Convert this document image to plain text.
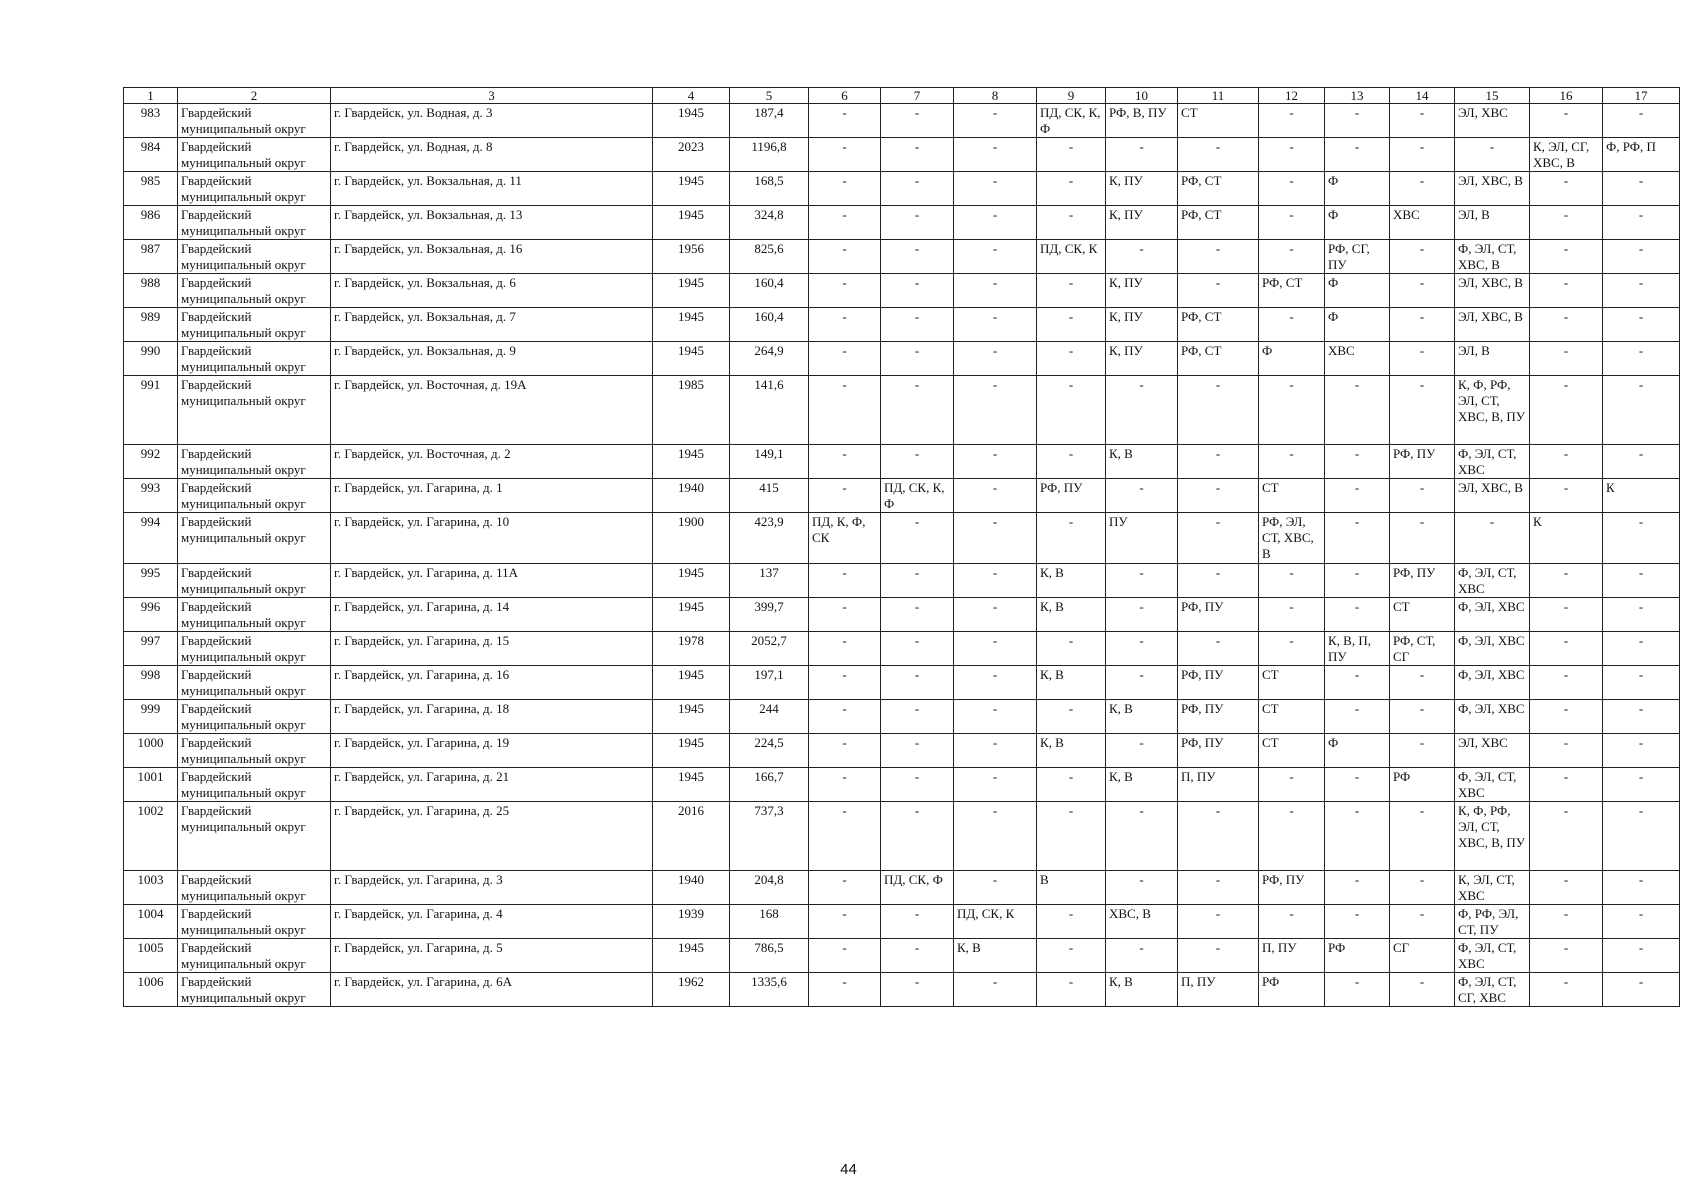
1	2	3	4	5	6	7	8	9	10	11	12	13	14	15	16	17
983	Гвардейский муниципальный округ	г. Гвардейск, ул. Водная, д. 3	1945	187,4	-	-	-	ПД, СК, К, Ф	РФ, В, ПУ	СТ	-	-	-	ЭЛ, ХВС	-	-
984	Гвардейский муниципальный округ	г. Гвардейск, ул. Водная, д. 8	2023	1196,8	-	-	-	-	-	-	-	-	-	-	К, ЭЛ, СГ, ХВС, В	Ф, РФ, П
985	Гвардейский муниципальный округ	г. Гвардейск, ул. Вокзальная, д. 11	1945	168,5	-	-	-	-	К, ПУ	РФ, СТ	-	Ф	-	ЭЛ, ХВС, В	-	-
986	Гвардейский муниципальный округ	г. Гвардейск, ул. Вокзальная, д. 13	1945	324,8	-	-	-	-	К, ПУ	РФ, СТ	-	Ф	ХВС	ЭЛ, В	-	-
987	Гвардейский муниципальный округ	г. Гвардейск, ул. Вокзальная, д. 16	1956	825,6	-	-	-	ПД, СК, К	-	-	-	РФ, СГ, ПУ	-	Ф, ЭЛ, СТ, ХВС, В	-	-
988	Гвардейский муниципальный округ	г. Гвардейск, ул. Вокзальная, д. 6	1945	160,4	-	-	-	-	К, ПУ	-	РФ, СТ	Ф	-	ЭЛ, ХВС, В	-	-
989	Гвардейский муниципальный округ	г. Гвардейск, ул. Вокзальная, д. 7	1945	160,4	-	-	-	-	К, ПУ	РФ, СТ	-	Ф	-	ЭЛ, ХВС, В	-	-
990	Гвардейский муниципальный округ	г. Гвардейск, ул. Вокзальная, д. 9	1945	264,9	-	-	-	-	К, ПУ	РФ, СТ	Ф	ХВС	-	ЭЛ, В	-	-
991	Гвардейский муниципальный округ	г. Гвардейск, ул. Восточная, д. 19А	1985	141,6	-	-	-	-	-	-	-	-	-	К, Ф, РФ, ЭЛ, СТ, ХВС, В, ПУ	-	-
992	Гвардейский муниципальный округ	г. Гвардейск, ул. Восточная, д. 2	1945	149,1	-	-	-	-	К, В	-	-	-	РФ, ПУ	Ф, ЭЛ, СТ, ХВС	-	-
993	Гвардейский муниципальный округ	г. Гвардейск, ул. Гагарина, д. 1	1940	415	-	ПД, СК, К, Ф	-	РФ, ПУ	-	-	СТ	-	-	ЭЛ, ХВС, В	-	К
994	Гвардейский муниципальный округ	г. Гвардейск, ул. Гагарина, д. 10	1900	423,9	ПД, К, Ф, СК	-	-	-	ПУ	-	РФ, ЭЛ, СТ, ХВС, В	-	-	-	К	-
995	Гвардейский муниципальный округ	г. Гвардейск, ул. Гагарина, д. 11А	1945	137	-	-	-	К, В	-	-	-	-	РФ, ПУ	Ф, ЭЛ, СТ, ХВС	-	-
996	Гвардейский муниципальный округ	г. Гвардейск, ул. Гагарина, д. 14	1945	399,7	-	-	-	К, В	-	РФ, ПУ	-	-	СТ	Ф, ЭЛ, ХВС	-	-
997	Гвардейский муниципальный округ	г. Гвардейск, ул. Гагарина, д. 15	1978	2052,7	-	-	-	-	-	-	-	К, В, П, ПУ	РФ, СТ, СГ	Ф, ЭЛ, ХВС	-	-
998	Гвардейский муниципальный округ	г. Гвардейск, ул. Гагарина, д. 16	1945	197,1	-	-	-	К, В	-	РФ, ПУ	СТ	-	-	Ф, ЭЛ, ХВС	-	-
999	Гвардейский муниципальный округ	г. Гвардейск, ул. Гагарина, д. 18	1945	244	-	-	-	-	К, В	РФ, ПУ	СТ	-	-	Ф, ЭЛ, ХВС	-	-
1000	Гвардейский муниципальный округ	г. Гвардейск, ул. Гагарина, д. 19	1945	224,5	-	-	-	К, В	-	РФ, ПУ	СТ	Ф	-	ЭЛ, ХВС	-	-
1001	Гвардейский муниципальный округ	г. Гвардейск, ул. Гагарина, д. 21	1945	166,7	-	-	-	-	К, В	П, ПУ	-	-	РФ	Ф, ЭЛ, СТ, ХВС	-	-
1002	Гвардейский муниципальный округ	г. Гвардейск, ул. Гагарина, д. 25	2016	737,3	-	-	-	-	-	-	-	-	-	К, Ф, РФ, ЭЛ, СТ, ХВС, В, ПУ	-	-
1003	Гвардейский муниципальный округ	г. Гвардейск, ул. Гагарина, д. 3	1940	204,8	-	ПД, СК, Ф	-	В	-	-	РФ, ПУ	-	-	К, ЭЛ, СТ, ХВС	-	-
1004	Гвардейский муниципальный округ	г. Гвардейск, ул. Гагарина, д. 4	1939	168	-	-	ПД, СК, К	-	ХВС, В	-	-	-	-	Ф, РФ, ЭЛ, СТ, ПУ	-	-
1005	Гвардейский муниципальный округ	г. Гвардейск, ул. Гагарина, д. 5	1945	786,5	-	-	К, В	-	-	-	П, ПУ	РФ	СГ	Ф, ЭЛ, СТ, ХВС	-	-
1006	Гвардейский муниципальный округ	г. Гвардейск, ул. Гагарина, д. 6А	1962	1335,6	-	-	-	-	К, В	П, ПУ	РФ	-	-	Ф, ЭЛ, СТ, СГ, ХВС	-	-
44
